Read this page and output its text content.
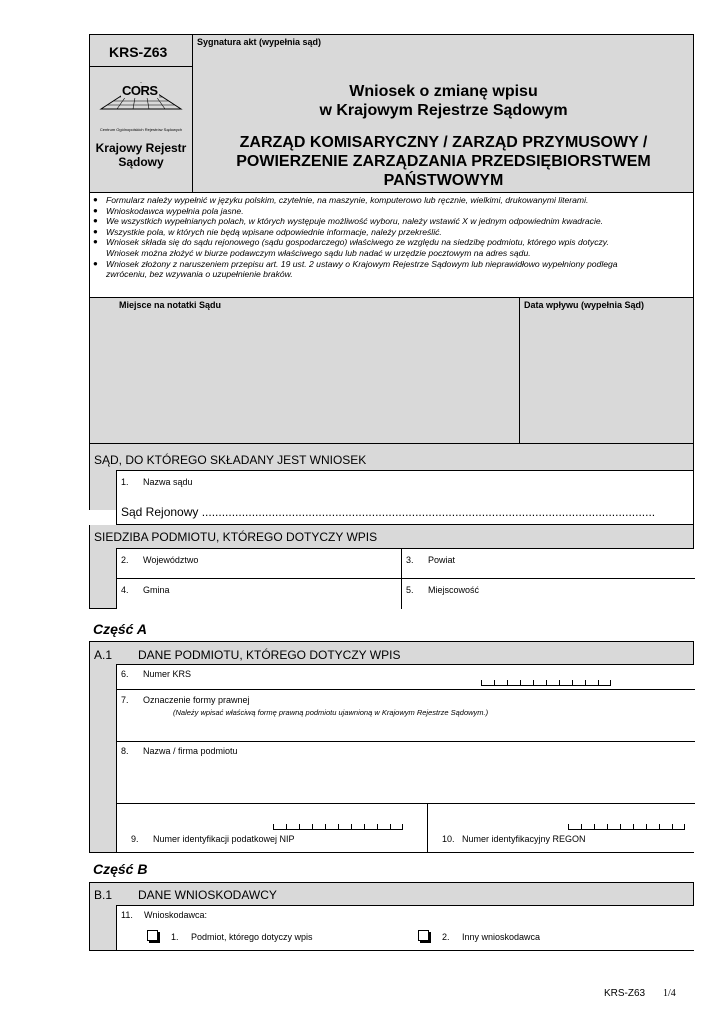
KRS-Z63
CORS
Centrum Ogólnopolskich Rejestrów Sądowych
Krajowy Rejestr
Sądowy
Sygnatura akt (wypełnia sąd)
Wniosek o zmianę wpisu
w Krajowym Rejestrze Sądowym
ZARZĄD KOMISARYCZNY / ZARZĄD PRZYMUSOWY /
POWIERZENIE ZARZĄDZANIA PRZEDSIĘBIORSTWEM
PAŃSTWOWYM
● Formularz należy wypełnić w języku polskim, czytelnie, na maszynie, komputerowo lub ręcznie, wielkimi, drukowanymi literami.
● Wnioskodawca wypełnia pola jasne.
● We wszystkich wypełnianych polach, w których występuje możliwość wyboru, należy wstawić X w jednym odpowiednim kwadracie.
● Wszystkie pola, w których nie będą wpisane odpowiednie informacje, należy przekreślić.
● Wniosek składa się do sądu rejonowego (sądu gospodarczego) właściwego ze względu na siedzibę podmiotu, którego wpis dotyczy.
Wniosek można złożyć w biurze podawczym właściwego sądu lub nadać w urzędzie pocztowym na adres sądu.
● Wniosek złożony z naruszeniem przepisu art. 19 ust. 2 ustawy o Krajowym Rejestrze Sądowym lub nieprawidłowo wypełniony podlega
zwróceniu, bez wzywania o uzupełnienie braków.
Miejsce na notatki Sądu	Data wpływu (wypełnia Sąd)
SĄD, DO KTÓREGO SKŁADANY JEST WNIOSEK
1. Nazwa sądu
Sąd Rejonowy ........................................................................................................................................
SIEDZIBA PODMIOTU, KTÓREGO DOTYCZY WPIS
2. Województwo	3. Powiat
4. Gmina	5. Miejscowość
Część A
A.1 DANE PODMIOTU, KTÓREGO DOTYCZY WPIS
6. Numer KRS
7. Oznaczenie formy prawnej
(Należy wpisać właściwą formę prawną podmiotu ujawnioną w Krajowym Rejestrze Sądowym.)
8. Nazwa / firma podmiotu
9. Numer identyfikacji podatkowej NIP	10. Numer identyfikacyjny REGON
Część B
B.1 DANE WNIOSKODAWCY
11. Wnioskodawca:
1. Podmiot, którego dotyczy wpis	2. Inny wnioskodawca
KRS-Z63 1/4
